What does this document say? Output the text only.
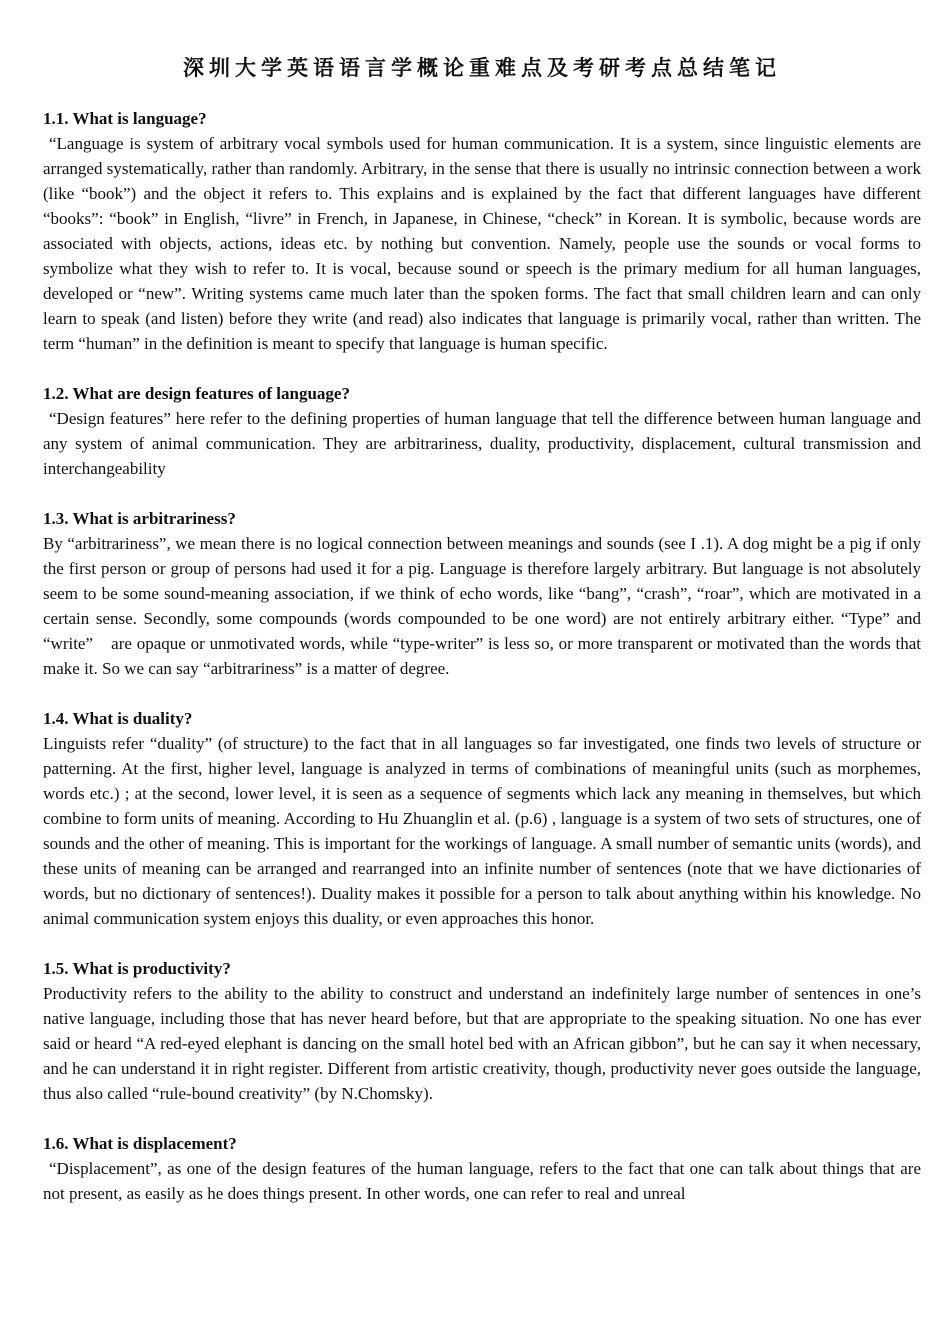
深圳大学英语语言学概论重难点及考研考点总结笔记

1.1. What is language?

“Language is system of arbitrary vocal symbols used for human communication. It is a system, since linguistic elements are arranged systematically, rather than randomly. Arbitrary, in the sense that there is usually no intrinsic connection between a work (like “book”) and the object it refers to. This explains and is explained by the fact that different languages have different “books”: “book” in English, “livre” in French, in Japanese, in Chinese, “check” in Korean. It is symbolic, because words are associated with objects, actions, ideas etc. by nothing but convention. Namely, people use the sounds or vocal forms to symbolize what they wish to refer to. It is vocal, because sound or speech is the primary medium for all human languages, developed or “new”. Writing systems came much later than the spoken forms. The fact that small children learn and can only learn to speak (and listen) before they write (and read) also indicates that language is primarily vocal, rather than written. The term “human” in the definition is meant to specify that language is human specific.

1.2. What are design features of language?

“Design features” here refer to the defining properties of human language that tell the difference between human language and any system of animal communication. They are arbitrariness, duality, productivity, displacement, cultural transmission and interchangeability

1.3. What is arbitrariness?

By “arbitrariness”, we mean there is no logical connection between meanings and sounds (see I .1). A dog might be a pig if only the first person or group of persons had used it for a pig. Language is therefore largely arbitrary. But language is not absolutely seem to be some sound-meaning association, if we think of echo words, like “bang”, “crash”, “roar”, which are motivated in a certain sense. Secondly, some compounds (words compounded to be one word) are not entirely arbitrary either. “Type” and “write”　are opaque or unmotivated words, while “type-writer” is less so, or more transparent or motivated than the words that make it. So we can say “arbitrariness” is a matter of degree.

1.4. What is duality?

Linguists refer “duality” (of structure) to the fact that in all languages so far investigated, one finds two levels of structure or patterning. At the first, higher level, language is analyzed in terms of combinations of meaningful units (such as morphemes, words etc.) ; at the second, lower level, it is seen as a sequence of segments which lack any meaning in themselves, but which combine to form units of meaning. According to Hu Zhuanglin et al. (p.6) , language is a system of two sets of structures, one of sounds and the other of meaning. This is important for the workings of language. A small number of semantic units (words), and these units of meaning can be arranged and rearranged into an infinite number of sentences (note that we have dictionaries of words, but no dictionary of sentences!). Duality makes it possible for a person to talk about anything within his knowledge. No animal communication system enjoys this duality, or even approaches this honor.

1.5. What is productivity?

Productivity refers to the ability to the ability to construct and understand an indefinitely large number of sentences in one’s native language, including those that has never heard before, but that are appropriate to the speaking situation. No one has ever said or heard “A red-eyed elephant is dancing on the small hotel bed with an African gibbon”, but he can say it when necessary, and he can understand it in right register. Different from artistic creativity, though, productivity never goes outside the language, thus also called “rule-bound creativity” (by N.Chomsky).

1.6. What is displacement?

“Displacement”, as one of the design features of the human language, refers to the fact that one can talk about things that are not present, as easily as he does things present. In other words, one can refer to real and unreal
